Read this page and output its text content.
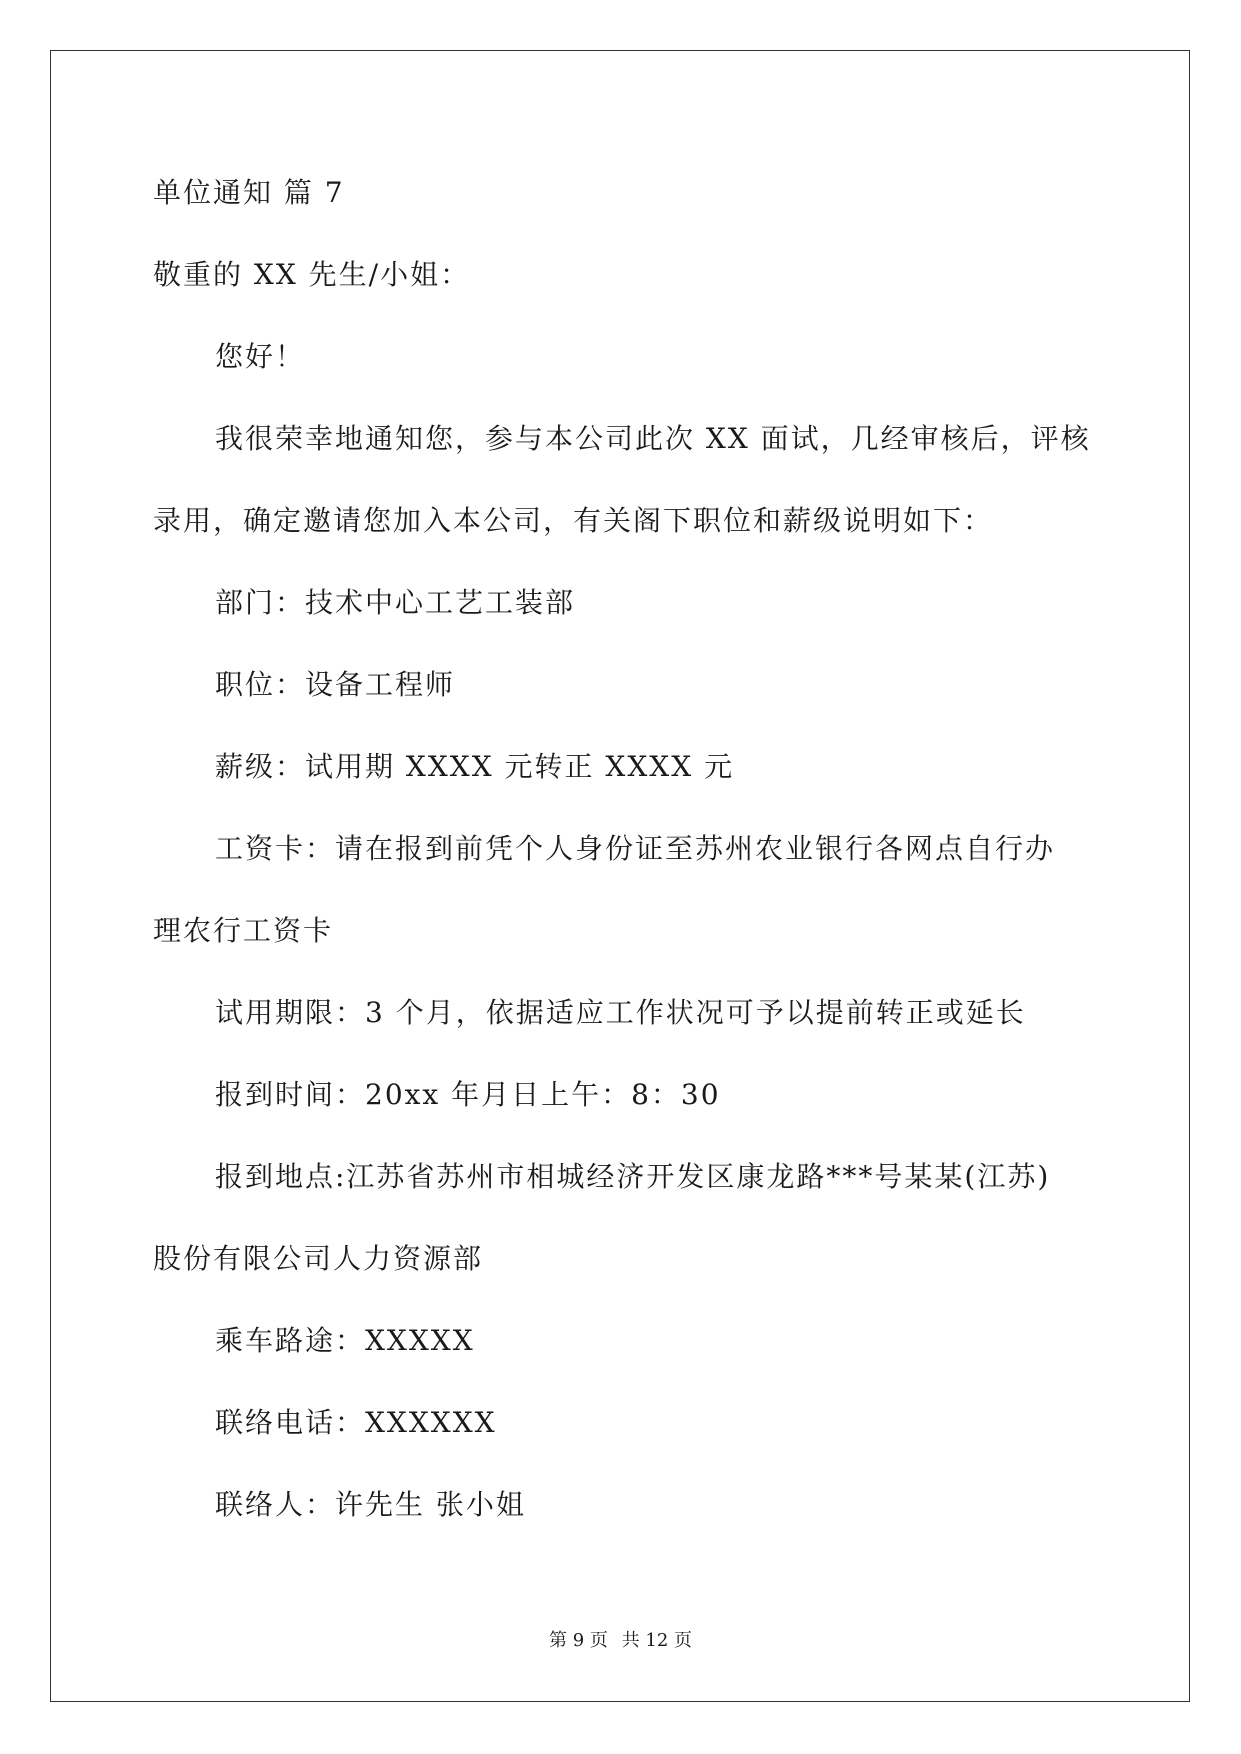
单位通知 篇 7
敬重的 XX 先生/小姐：
您好！
我很荣幸地通知您，参与本公司此次 XX 面试，几经审核后，评核
录用，确定邀请您加入本公司，有关阁下职位和薪级说明如下：
部门：技术中心工艺工装部
职位：设备工程师
薪级：试用期 XXXX 元转正 XXXX 元
工资卡：请在报到前凭个人身份证至苏州农业银行各网点自行办
理农行工资卡
试用期限：3 个月，依据适应工作状况可予以提前转正或延长
报到时间：20xx 年月日上午：8：30
报到地点:江苏省苏州市相城经济开发区康龙路***号某某(江苏)
股份有限公司人力资源部
乘车路途：XXXXX
联络电话：XXXXXX
联络人：许先生 张小姐
第 9 页 共 12 页
